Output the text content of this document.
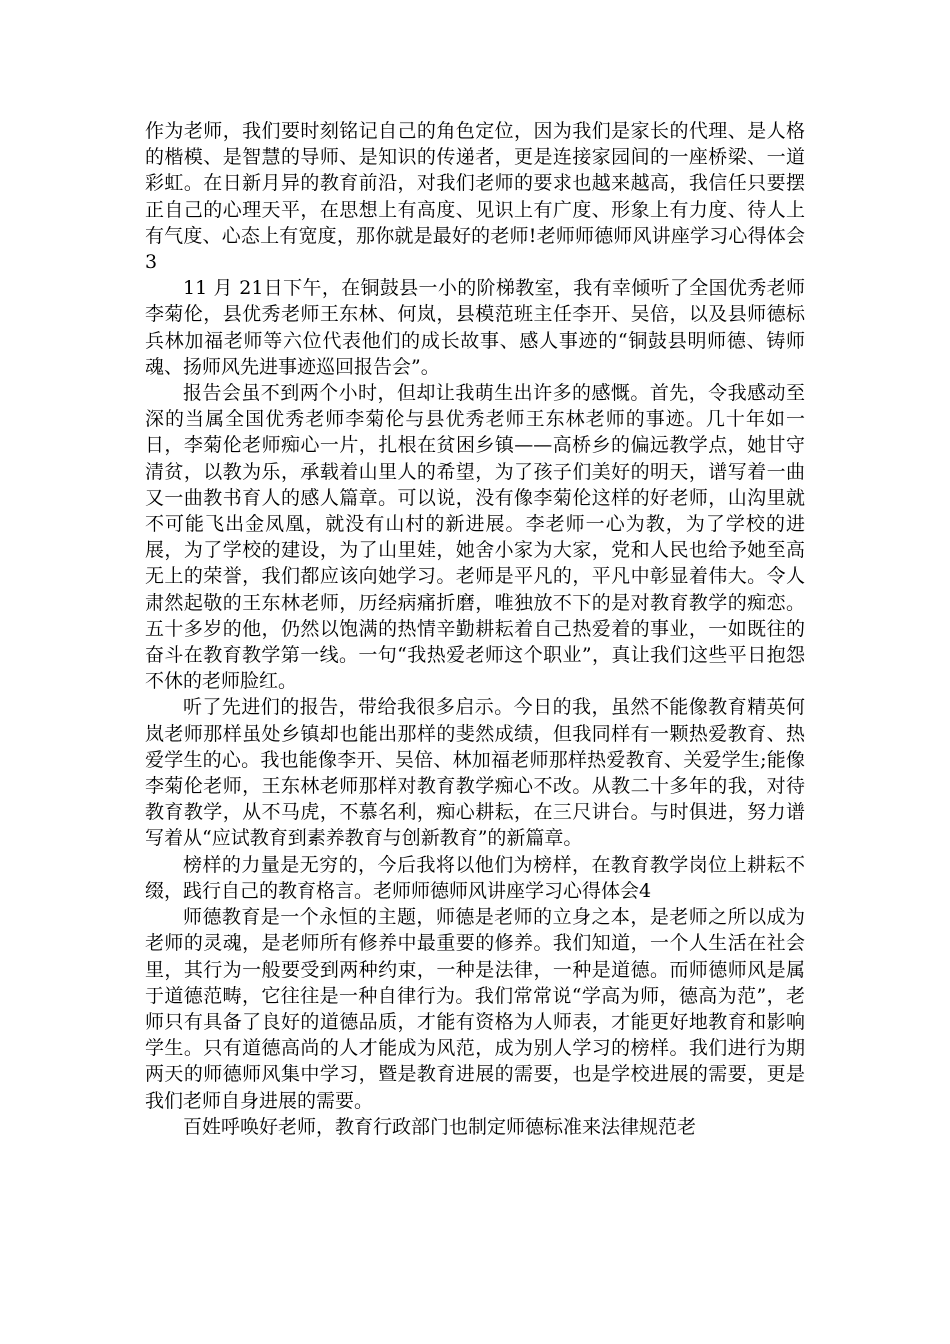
作为老师，我们要时刻铭记自己的角色定位，因为我们是家长的代理、是人格的楷模、是智慧的导师、是知识的传递者，更是连接家园间的一座桥梁、一道彩虹。在日新月异的教育前沿，对我们老师的要求也越来越高，我信任只要摆正自己的心理天平，在思想上有高度、见识上有广度、形象上有力度、待人上有气度、心态上有宽度，那你就是最好的老师!老师师德师风讲座学习心得体会3

11 月 21日下午，在铜鼓县一小的阶梯教室，我有幸倾听了全国优秀老师李菊伦，县优秀老师王东林、何岚，县模范班主任李开、吴倍，以及县师德标兵林加福老师等六位代表他们的成长故事、感人事迹的“铜鼓县明师德、铸师魂、扬师风先进事迹巡回报告会”。

报告会虽不到两个小时，但却让我萌生出许多的感慨。首先，令我感动至深的当属全国优秀老师李菊伦与县优秀老师王东林老师的事迹。几十年如一日，李菊伦老师痴心一片，扎根在贫困乡镇——高桥乡的偏远教学点，她甘守清贫，以教为乐，承载着山里人的希望，为了孩子们美好的明天，谱写着一曲又一曲教书育人的感人篇章。可以说，没有像李菊伦这样的好老师，山沟里就不可能飞出金凤凰，就没有山村的新进展。李老师一心为教，为了学校的进展，为了学校的建设，为了山里娃，她舍小家为大家，党和人民也给予她至高无上的荣誉，我们都应该向她学习。老师是平凡的，平凡中彰显着伟大。令人肃然起敬的王东林老师，历经病痛折磨，唯独放不下的是对教育教学的痴恋。五十多岁的他，仍然以饱满的热情辛勤耕耘着自己热爱着的事业，一如既往的奋斗在教育教学第一线。一句“我热爱老师这个职业”，真让我们这些平日抱怨不休的老师脸红。

听了先进们的报告，带给我很多启示。今日的我，虽然不能像教育精英何岚老师那样虽处乡镇却也能出那样的斐然成绩，但我同样有一颗热爱教育、热爱学生的心。我也能像李开、吴倍、林加福老师那样热爱教育、关爱学生;能像李菊伦老师，王东林老师那样对教育教学痴心不改。从教二十多年的我，对待教育教学，从不马虎，不慕名利，痴心耕耘，在三尺讲台。与时俱进，努力谱写着从“应试教育到素养教育与创新教育”的新篇章。

榜样的力量是无穷的，今后我将以他们为榜样，在教育教学岗位上耕耘不缀，践行自己的教育格言。老师师德师风讲座学习心得体会4

师德教育是一个永恒的主题，师德是老师的立身之本，是老师之所以成为老师的灵魂，是老师所有修养中最重要的修养。我们知道，一个人生活在社会里，其行为一般要受到两种约束，一种是法律，一种是道德。而师德师风是属于道德范畴，它往往是一种自律行为。我们常常说“学高为师，德高为范”，老师只有具备了良好的道德品质，才能有资格为人师表，才能更好地教育和影响学生。只有道德高尚的人才能成为风范，成为别人学习的榜样。我们进行为期两天的师德师风集中学习，暨是教育进展的需要，也是学校进展的需要，更是我们老师自身进展的需要。

百姓呼唤好老师，教育行政部门也制定师德标准来法律规范老
